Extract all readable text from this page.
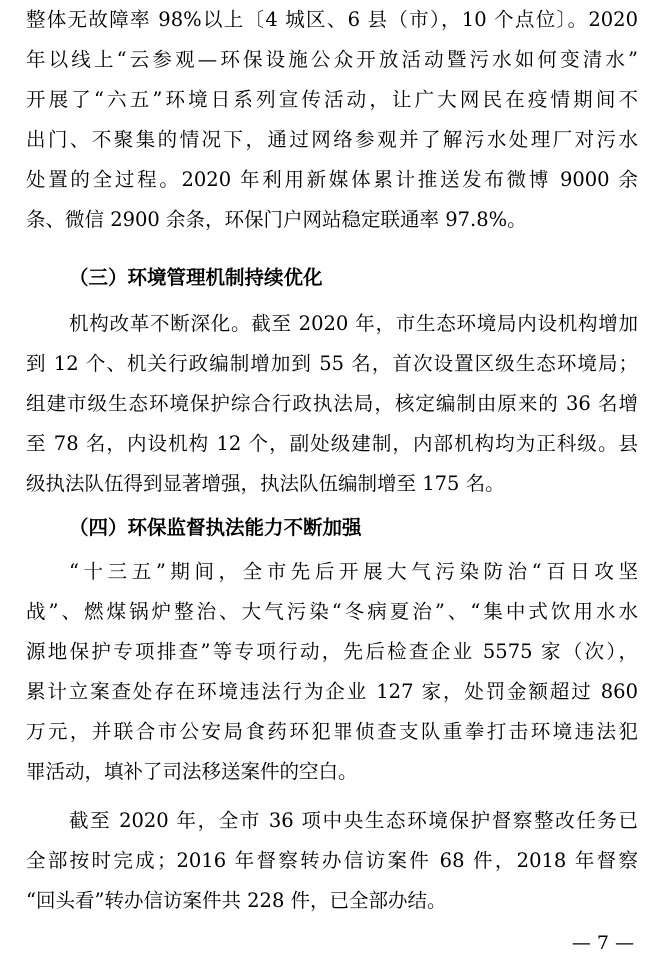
整体无故障率 98%以上〔4 城区、6 县（市），10 个点位〕。2020
年以线上“云参观—环保设施公众开放活动暨污水如何变清水”
开展了“六五”环境日系列宣传活动，让广大网民在疫情期间不
出门、不聚集的情况下，通过网络参观并了解污水处理厂对污水
处置的全过程。2020 年利用新媒体累计推送发布微博 9000 余
条、微信 2900 余条，环保门户网站稳定联通率 97.8%。
（三）环境管理机制持续优化
机构改革不断深化。截至 2020 年，市生态环境局内设机构增加
到 12 个、机关行政编制增加到 55 名，首次设置区级生态环境局；
组建市级生态环境保护综合行政执法局，核定编制由原来的 36 名增
至 78 名，内设机构 12 个，副处级建制，内部机构均为正科级。县
级执法队伍得到显著增强，执法队伍编制增至 175 名。
（四）环保监督执法能力不断加强
“十三五”期间，全市先后开展大气污染防治“百日攻坚
战”、燃煤锅炉整治、大气污染“冬病夏治”、“集中式饮用水水
源地保护专项排查”等专项行动，先后检查企业 5575 家（次），
累计立案查处存在环境违法行为企业 127 家，处罚金额超过 860
万元，并联合市公安局食药环犯罪侦查支队重拳打击环境违法犯
罪活动，填补了司法移送案件的空白。
截至 2020 年，全市 36 项中央生态环境保护督察整改任务已
全部按时完成；2016 年督察转办信访案件 68 件，2018 年督察
“回头看”转办信访案件共 228 件，已全部办结。
— 7 —
